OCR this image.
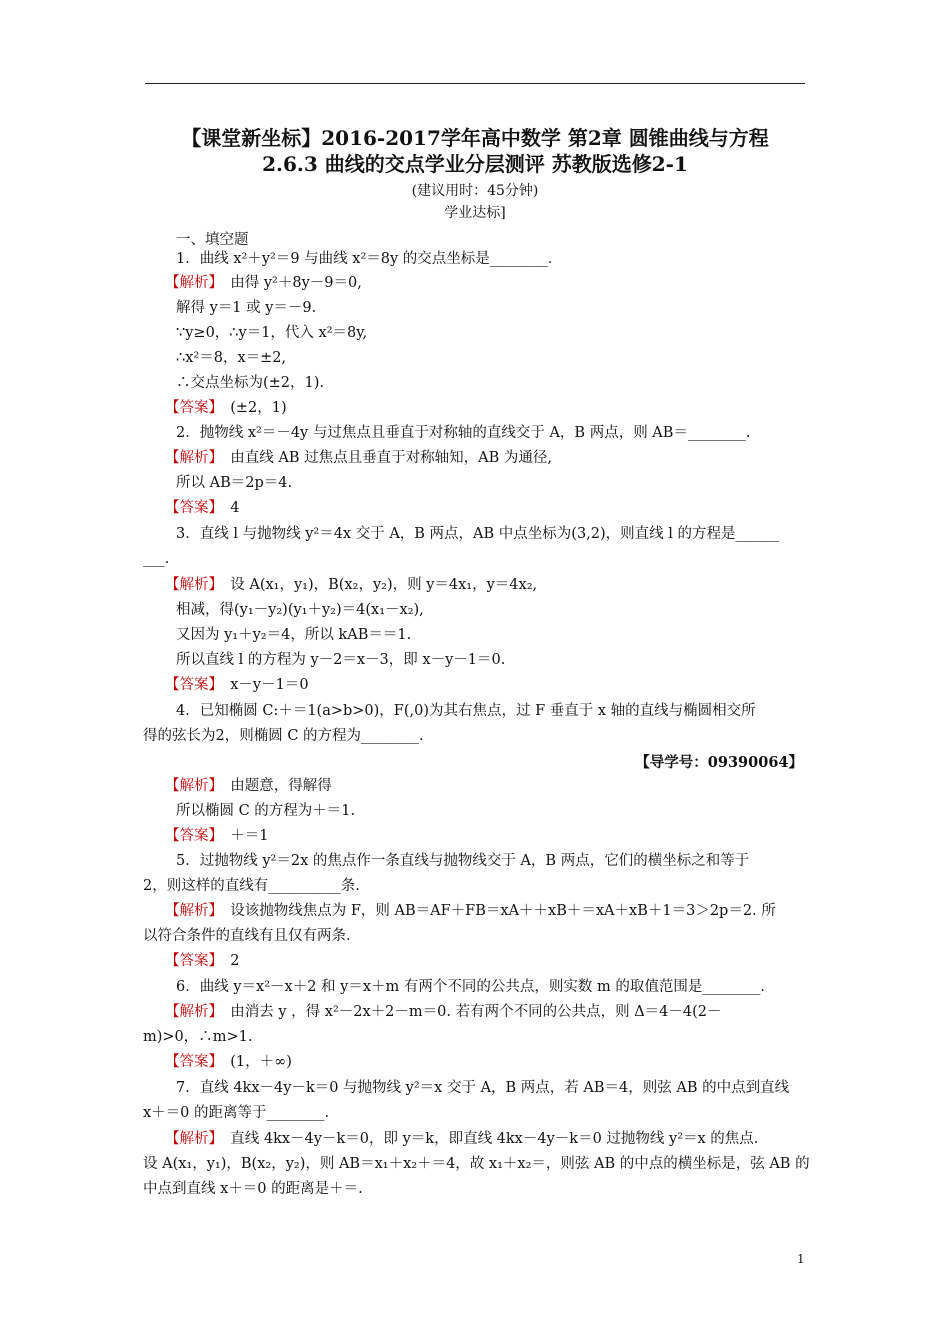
【课堂新坐标】2016-2017学年高中数学 第2章 圆锥曲线与方程
2.6.3 曲线的交点学业分层测评 苏教版选修2-1
(建议用时：45分钟)
学业达标]
一、填空题
1．曲线 x²＋y²＝9 与曲线 x²＝8y 的交点坐标是________．
【解析】　 由得 y²＋8y－9＝0,
解得 y＝1 或 y＝－9.
∵y≥0，∴y＝1，代入 x²＝8y,
∴x²＝8，x＝±2,
∴交点坐标为(±2，1).
【答案】　 (±2，1)
2．抛物线 x²＝－4y 与过焦点且垂直于对称轴的直线交于 A，B 两点，则 AB＝________.
【解析】　 由直线 AB 过焦点且垂直于对称轴知，AB 为通径,
所以 AB＝2p＝4.
【答案】　 4
3．直线 l 与抛物线 y²＝4x 交于 A，B 两点，AB 中点坐标为(3,2)，则直线 l 的方程是______
___.
【解析】　 设 A(x₁，y₁)，B(x₂，y₂)，则 y＝4x₁，y＝4x₂,
相减，得(y₁－y₂)(y₁＋y₂)＝4(x₁－x₂),
又因为 y₁＋y₂＝4，所以 kAB＝＝1.
所以直线 l 的方程为 y－2＝x－3，即 x－y－1＝0.
【答案】　 x－y－1＝0
4．已知椭圆 C:＋＝1(a>b>0)，F(,0)为其右焦点，过 F 垂直于 x 轴的直线与椭圆相交所
得的弦长为2，则椭圆 C 的方程为________.
【导学号：09390064】
【解析】　 由题意，得解得
所以椭圆 C 的方程为＋＝1.
【答案】　 ＋＝1
5．过抛物线 y²＝2x 的焦点作一条直线与抛物线交于 A，B 两点，它们的横坐标之和等于
2，则这样的直线有__________条.
【解析】　 设该抛物线焦点为 F，则 AB＝AF＋FB＝xA＋＋xB＋＝xA＋xB＋1＝3＞2p＝2. 所
以符合条件的直线有且仅有两条.
【答案】　 2
6．曲线 y＝x²－x＋2 和 y＝x＋m 有两个不同的公共点，则实数 m 的取值范围是________.
【解析】　 由消去 y ，得 x²－2x＋2－m＝0. 若有两个不同的公共点，则 Δ＝4－4(2－
m)>0，∴m>1.
【答案】　 (1，＋∞)
7．直线 4kx－4y－k＝0 与抛物线 y²＝x 交于 A，B 两点，若 AB＝4，则弦 AB 的中点到直线
x＋＝0 的距离等于________.
【解析】　 直线 4kx－4y－k＝0，即 y＝k，即直线 4kx－4y－k＝0 过抛物线 y²＝x 的焦点.
设 A(x₁，y₁)，B(x₂，y₂)，则 AB＝x₁＋x₂＋＝4，故 x₁＋x₂＝，则弦 AB 的中点的横坐标是，弦 AB 的
中点到直线 x＋＝0 的距离是＋＝.
1
